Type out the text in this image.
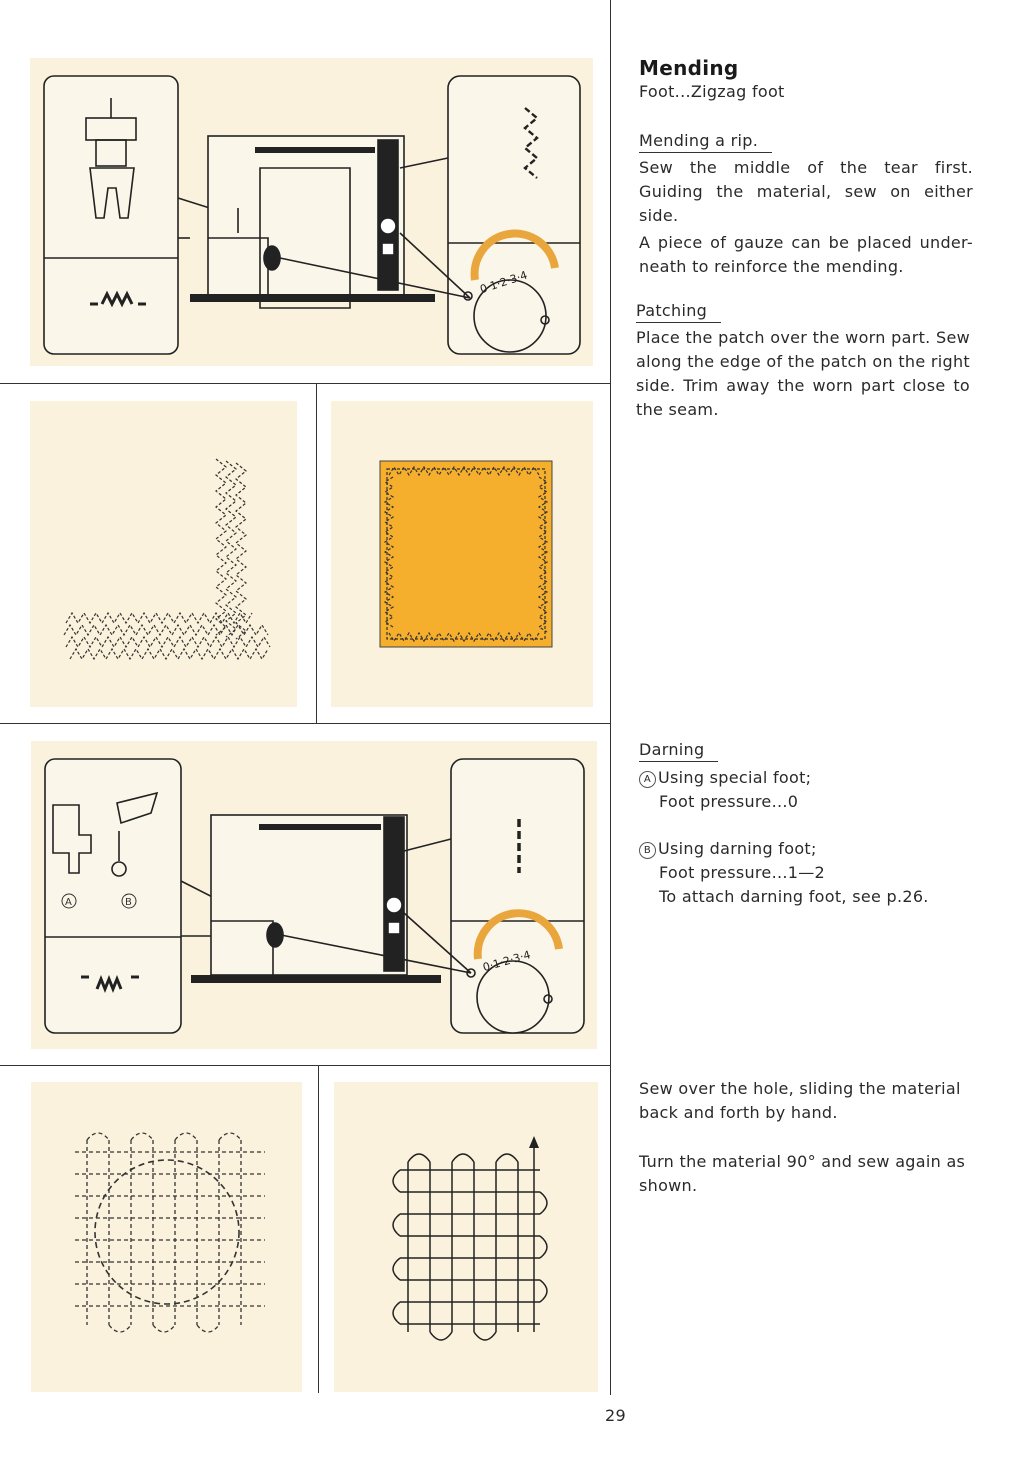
0·1·2·3·4
0·1·2·3·4
A	B
Mending
Foot...Zigzag foot
Mending a rip.
Sew the middle of the tear first. Guiding the material, sew on either side.
A piece of gauze can be placed under- neath to reinforce the mending.
Patching
Place the patch over the worn part. Sew along the edge of the patch on the right side. Trim away the worn part close to the seam.
Darning
A Using special foot;
Foot pressure...0
B Using darning foot;
Foot pressure...1—2
To attach darning foot, see p.26.
Sew over the hole, sliding the material back and forth by hand.
Turn the material 90° and sew again as shown.
29
